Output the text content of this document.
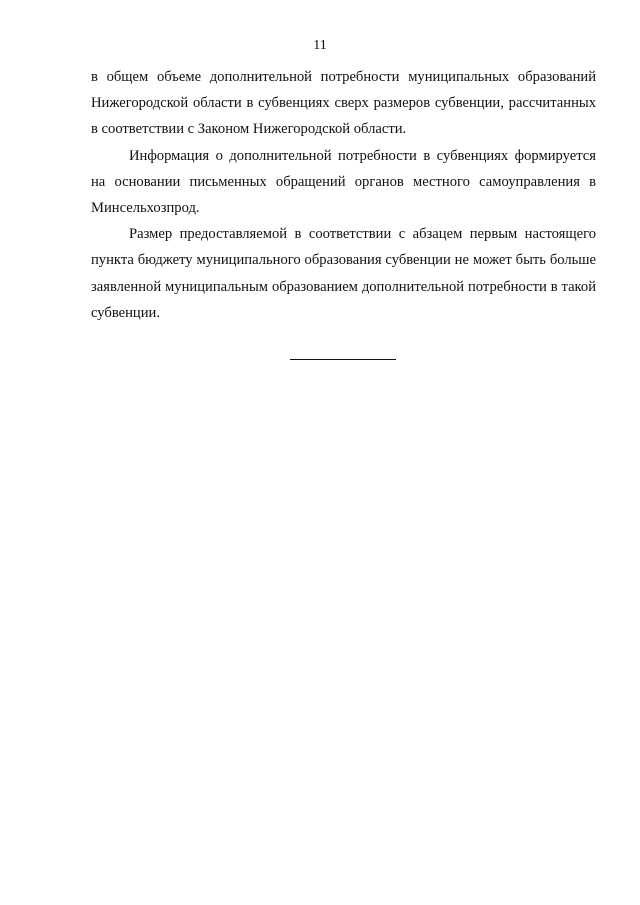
11

в общем объеме дополнительной потребности муниципальных образований Нижегородской области в субвенциях сверх размеров субвенции, рассчитанных в соответствии с Законом Нижегородской области.

Информация о дополнительной потребности в субвенциях формируется на основании письменных обращений органов местного самоуправления в Минсельхозпрод.

Размер предоставляемой в соответствии с абзацем первым настоящего пункта бюджету муниципального образования субвенции не может быть больше заявленной муниципальным образованием дополнительной потребности в такой субвенции.
